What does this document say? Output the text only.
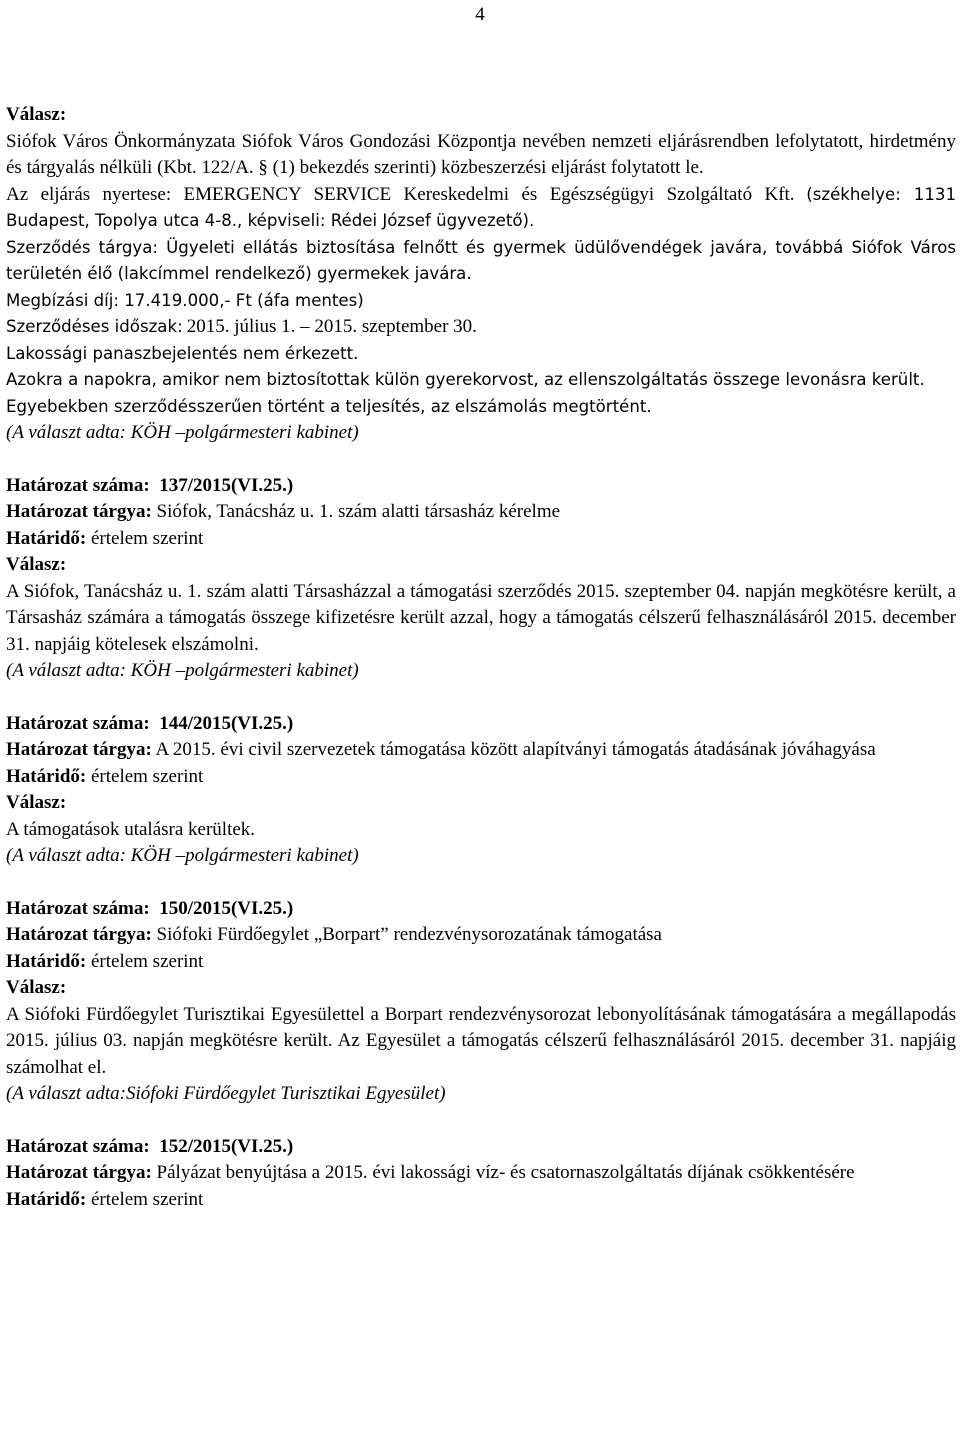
4
Válasz:

Siófok Város Önkormányzata Siófok Város Gondozási Központja nevében nemzeti eljárásrendben lefolytatott, hirdetmény és tárgyalás nélküli (Kbt. 122/A. § (1) bekezdés szerinti) közbeszerzési eljárást folytatott le.

Az eljárás nyertese: EMERGENCY SERVICE Kereskedelmi és Egészségügyi Szolgáltató Kft. (székhelye: 1131 Budapest, Topolya utca 4-8., képviseli: Rédei József ügyvezető).

Szerződés tárgya: Ügyeleti ellátás biztosítása felnőtt és gyermek üdülővendégek javára, továbbá Siófok Város területén élő (lakcímmel rendelkező) gyermekek javára.

Megbízási díj: 17.419.000,- Ft (áfa mentes)

Szerződéses időszak: 2015. július 1. – 2015. szeptember 30.

Lakossági panaszbejelentés nem érkezett.

Azokra a napokra, amikor nem biztosítottak külön gyerekorvost, az ellenszolgáltatás összege levonásra került. Egyebekben szerződésszerűen történt a teljesítés, az elszámolás megtörtént.

(A választ adta: KÖH –polgármesteri kabinet)

Határozat száma: 137/2015(VI.25.)

Határozat tárgya: Siófok, Tanácsház u. 1. szám alatti társasház kérelme

Határidő: értelem szerint

Válasz:

A Siófok, Tanácsház u. 1. szám alatti Társasházzal a támogatási szerződés 2015. szeptember 04. napján megkötésre került, a Társasház számára a támogatás összege kifizetésre került azzal, hogy a támogatás célszerű felhasználásáról 2015. december 31. napjáig kötelesek elszámolni.

(A választ adta: KÖH –polgármesteri kabinet)

Határozat száma: 144/2015(VI.25.)

Határozat tárgya: A 2015. évi civil szervezetek támogatása között alapítványi támogatás átadásának jóváhagyása

Határidő: értelem szerint

Válasz:

A támogatások utalásra kerültek.

(A választ adta: KÖH –polgármesteri kabinet)

Határozat száma: 150/2015(VI.25.)

Határozat tárgya: Siófoki Fürdőegylet „Borpart” rendezvénysorozatának támogatása

Határidő: értelem szerint

Válasz:

A Siófoki Fürdőegylet Turisztikai Egyesülettel a Borpart rendezvénysorozat lebonyolításának támogatására a megállapodás 2015. július 03. napján megkötésre került. Az Egyesület a támogatás célszerű felhasználásáról 2015. december 31. napjáig számolhat el.

(A választ adta:Siófoki Fürdőegylet Turisztikai Egyesület)

Határozat száma: 152/2015(VI.25.)

Határozat tárgya: Pályázat benyújtása a 2015. évi lakossági víz- és csatornaszolgáltatás díjának csökkentésére

Határidő: értelem szerint
